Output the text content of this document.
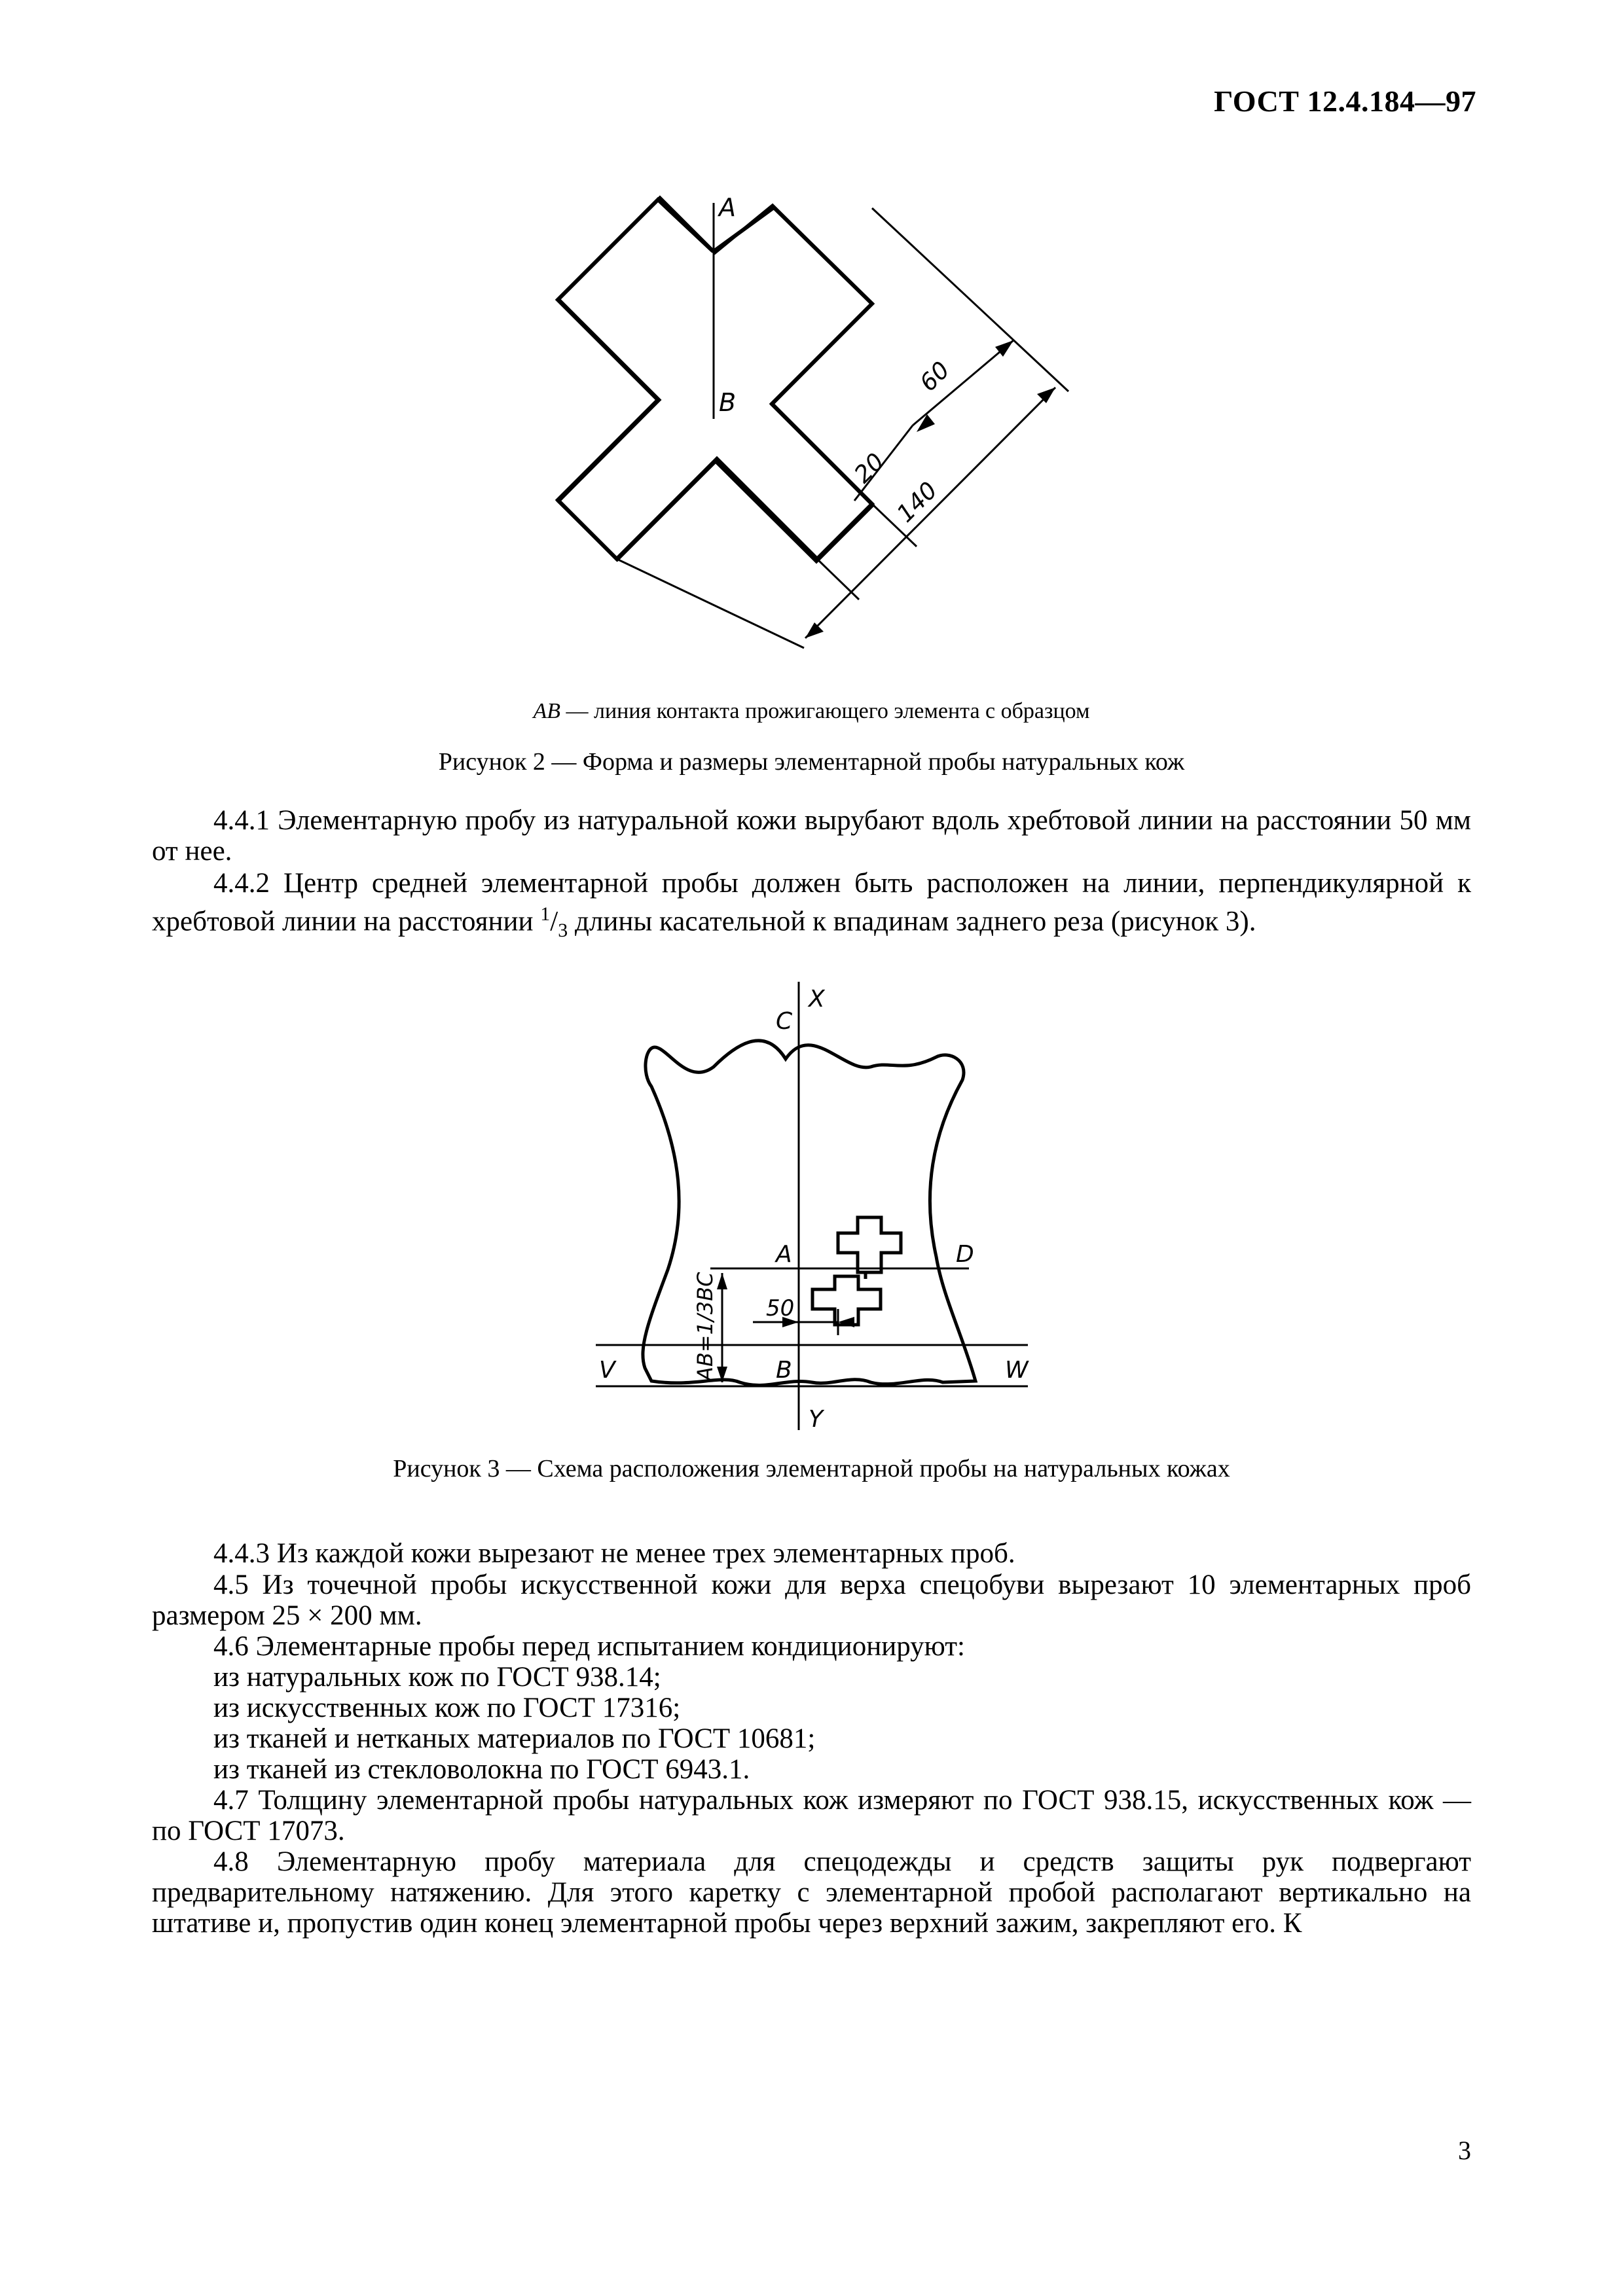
ГОСТ 12.4.184—97
A
B
20
60
140
AB — линия контакта прожигающего элемента с образцом
Рисунок 2 — Форма и размеры элементарной пробы натуральных кож
4.4.1 Элементарную пробу из натуральной кожи вырубают вдоль хребтовой линии на расстоянии 50 мм от нее.
4.4.2 Центр средней элементарной пробы должен быть расположен на линии, перпендикулярной к хребтовой линии на расстоянии $^1/_3$ длины касательной к впадинам заднего реза (рисунок 3).
X
C
A	D
V	B	W
Y
50
AB=1/3BC
Рисунок 3 — Схема расположения элементарной пробы на натуральных кожах
4.4.3 Из каждой кожи вырезают не менее трех элементарных проб.
4.5 Из точечной пробы искусственной кожи для верха спецобуви вырезают 10 элементарных проб размером 25 × 200 мм.
4.6 Элементарные пробы перед испытанием кондиционируют:
из натуральных кож по ГОСТ 938.14;
из искусственных кож по ГОСТ 17316;
из тканей и нетканых материалов по ГОСТ 10681;
из тканей из стекловолокна по ГОСТ 6943.1.
4.7 Толщину элементарной пробы натуральных кож измеряют по ГОСТ 938.15, искусственных кож — по ГОСТ 17073.
4.8 Элементарную пробу материала для спецодежды и средств защиты рук подвергают предварительному натяжению. Для этого каретку с элементарной пробой располагают вертикально на штативе и, пропустив один конец элементарной пробы через верхний зажим, закрепляют его. К
3
